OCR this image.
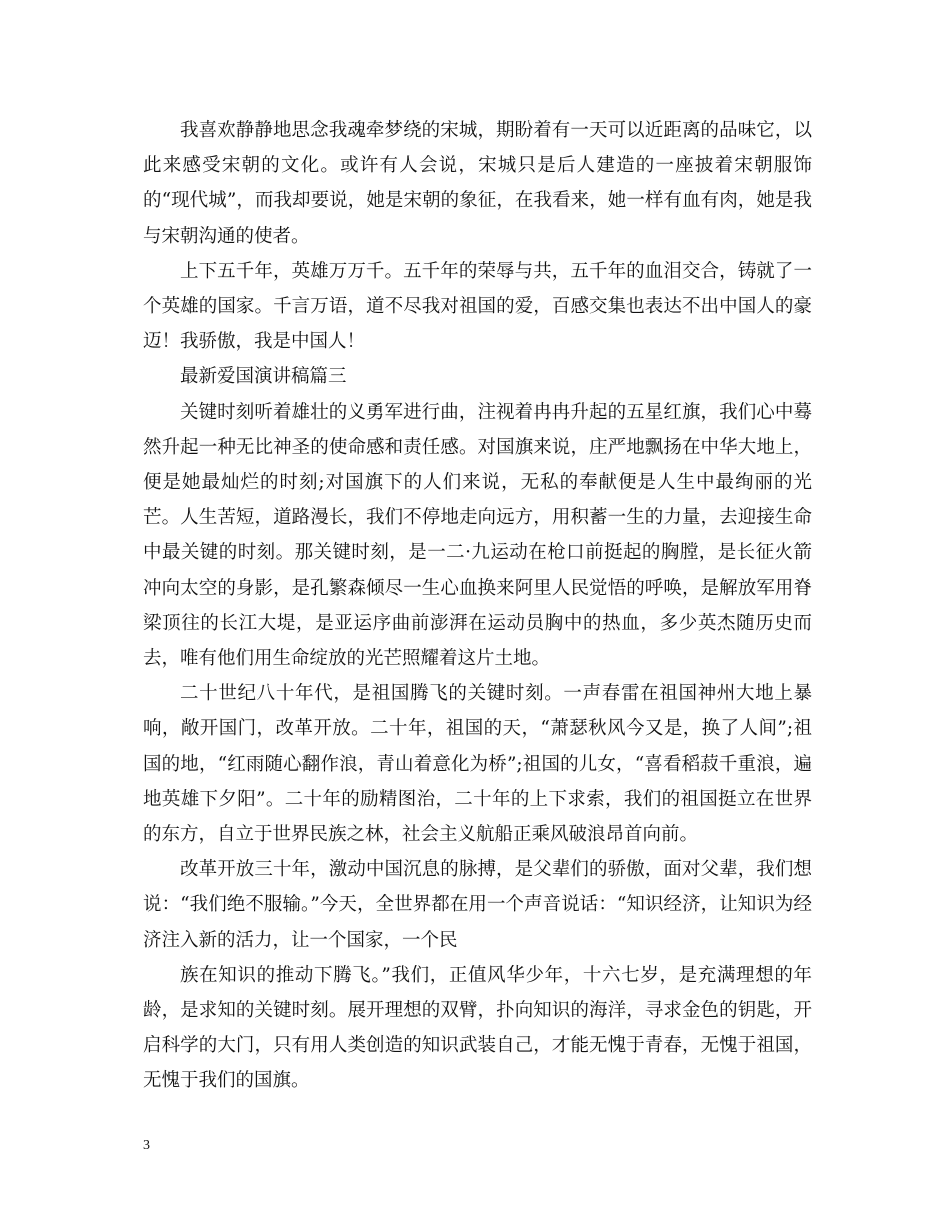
我喜欢静静地思念我魂牵梦绕的宋城，期盼着有一天可以近距离的品味它，以此来感受宋朝的文化。或许有人会说，宋城只是后人建造的一座披着宋朝服饰的“现代城”，而我却要说，她是宋朝的象征，在我看来，她一样有血有肉，她是我与宋朝沟通的使者。

上下五千年，英雄万万千。五千年的荣辱与共，五千年的血泪交合，铸就了一个英雄的国家。千言万语，道不尽我对祖国的爱，百感交集也表达不出中国人的豪迈！我骄傲，我是中国人！

最新爱国演讲稿篇三

关键时刻听着雄壮的义勇军进行曲，注视着冉冉升起的五星红旗，我们心中蓦然升起一种无比神圣的使命感和责任感。对国旗来说，庄严地飘扬在中华大地上，便是她最灿烂的时刻;对国旗下的人们来说，无私的奉献便是人生中最绚丽的光芒。人生苦短，道路漫长，我们不停地走向远方，用积蓄一生的力量，去迎接生命中最关键的时刻。那关键时刻，是一二·九运动在枪口前挺起的胸膛，是长征火箭冲向太空的身影，是孔繁森倾尽一生心血换来阿里人民觉悟的呼唤，是解放军用脊梁顶往的长江大堤，是亚运序曲前澎湃在运动员胸中的热血，多少英杰随历史而去，唯有他们用生命绽放的光芒照耀着这片土地。

二十世纪八十年代，是祖国腾飞的关键时刻。一声春雷在祖国神州大地上暴响，敞开国门，改革开放。二十年，祖国的天，“萧瑟秋风今又是，换了人间”;祖国的地，“红雨随心翻作浪，青山着意化为桥”;祖国的儿女，“喜看稻菽千重浪，遍地英雄下夕阳”。二十年的励精图治，二十年的上下求索，我们的祖国挺立在世界的东方，自立于世界民族之林，社会主义航船正乘风破浪昂首向前。

改革开放三十年，激动中国沉息的脉搏，是父辈们的骄傲，面对父辈，我们想说：“我们绝不服输。”今天，全世界都在用一个声音说话：“知识经济，让知识为经济注入新的活力，让一个国家，一个民

族在知识的推动下腾飞。”我们，正值风华少年，十六七岁，是充满理想的年龄，是求知的关键时刻。展开理想的双臂，扑向知识的海洋，寻求金色的钥匙，开启科学的大门，只有用人类创造的知识武装自己，才能无愧于青春，无愧于祖国，无愧于我们的国旗。

3
